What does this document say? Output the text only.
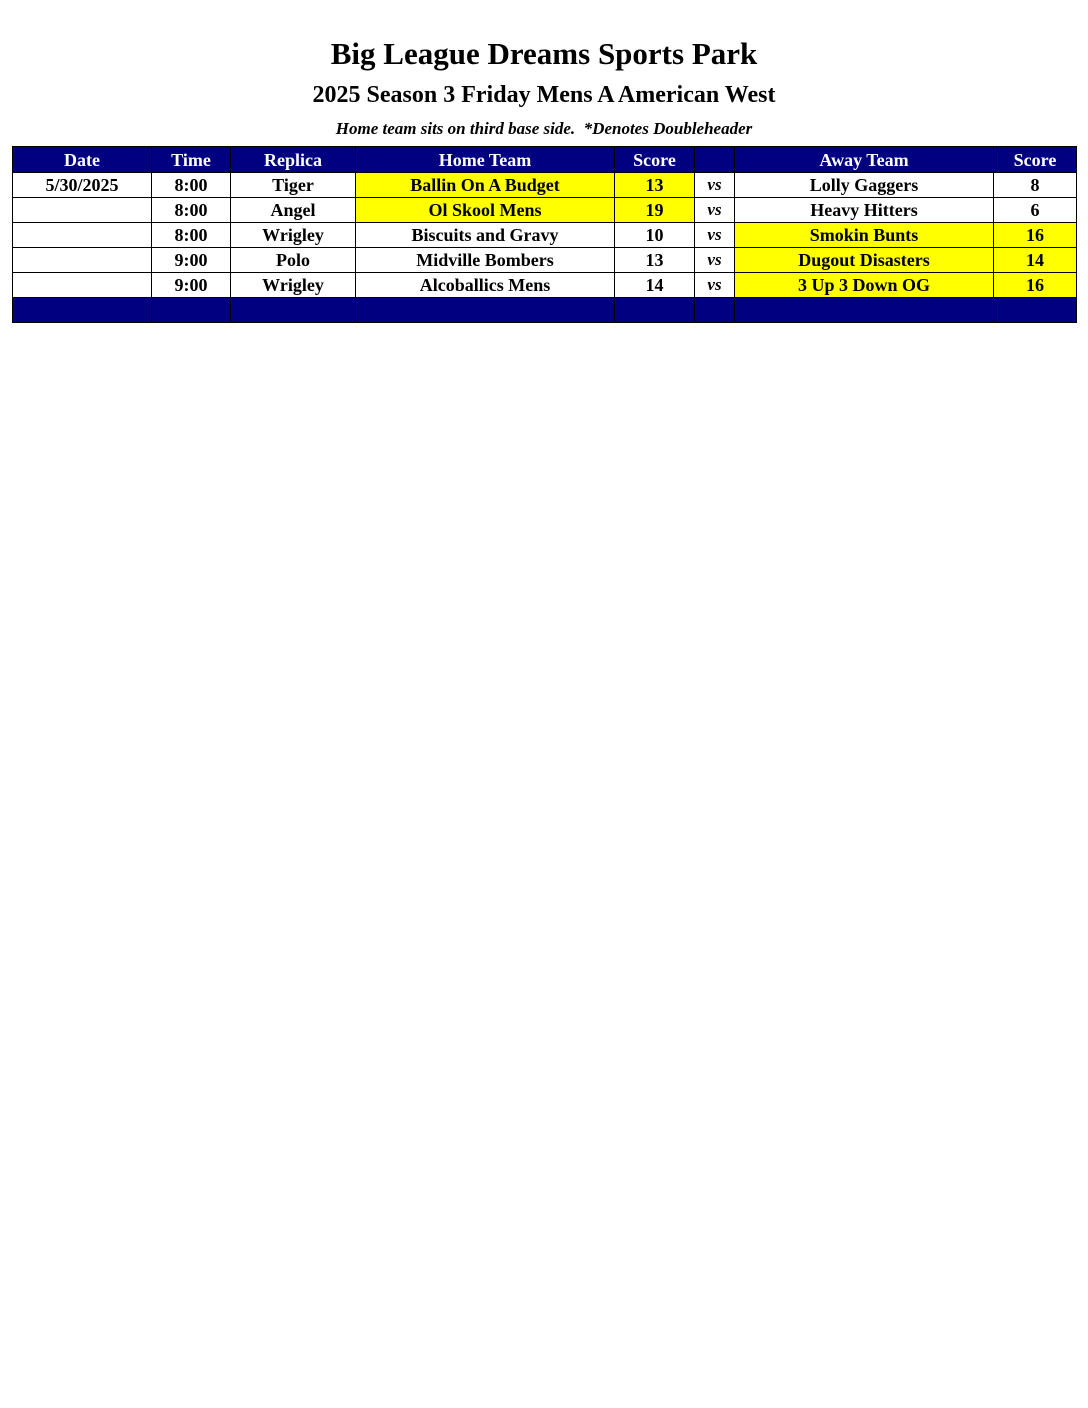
Big League Dreams Sports Park
2025 Season 3 Friday Mens A American West
Home team sits on third base side.  *Denotes Doubleheader
Date	Time	Replica	Home Team	Score		Away Team	Score
5/30/2025	8:00	Tiger	Ballin On A Budget	13	vs	Lolly Gaggers	8
	8:00	Angel	Ol Skool Mens	19	vs	Heavy Hitters	6
	8:00	Wrigley	Biscuits and Gravy	10	vs	Smokin Bunts	16
	9:00	Polo	Midville Bombers	13	vs	Dugout Disasters	14
	9:00	Wrigley	Alcoballics Mens	14	vs	3 Up 3 Down OG	16
